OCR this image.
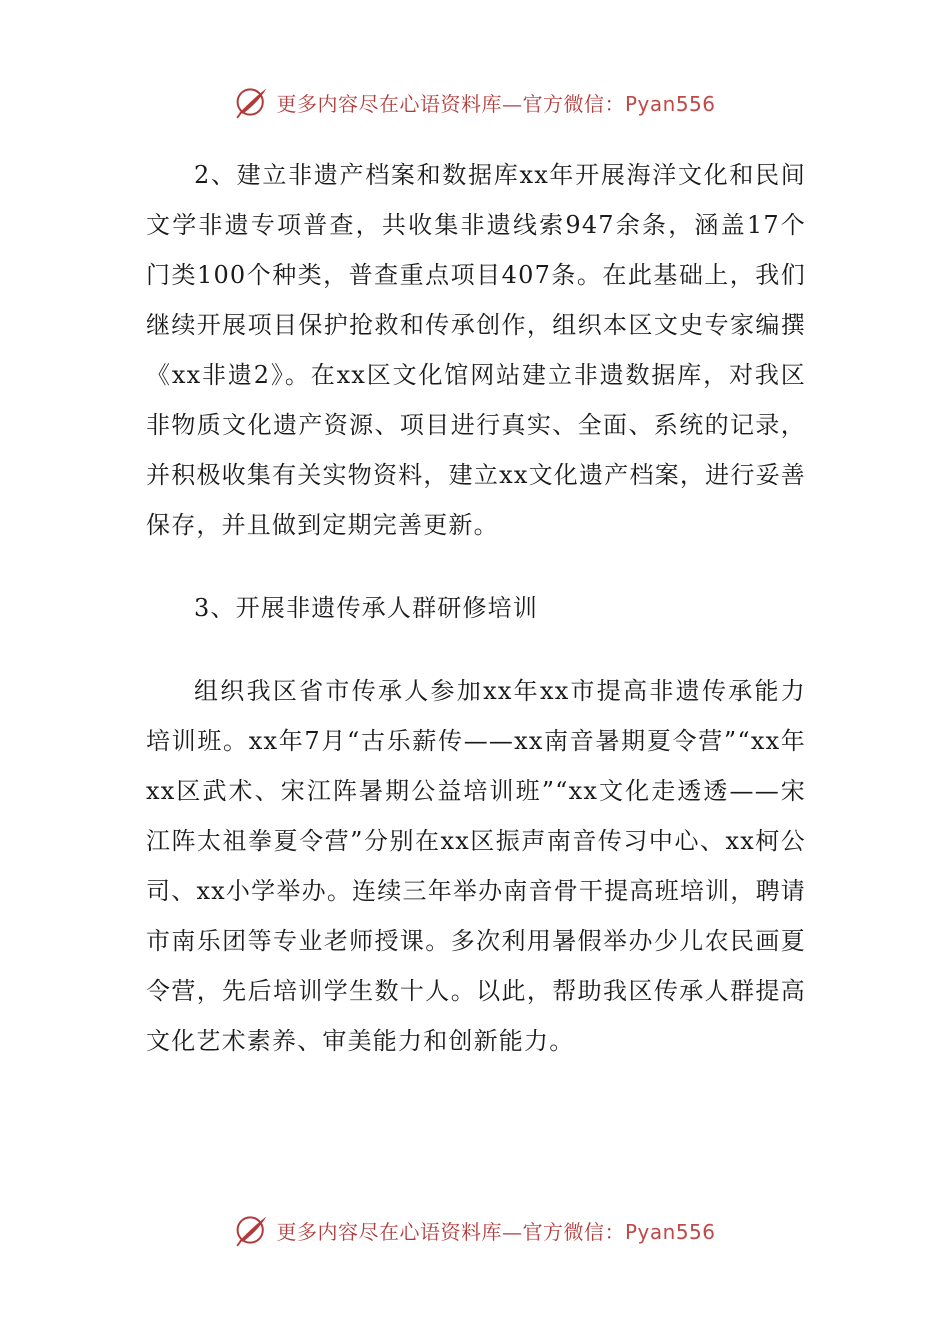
更多内容尽在心语资料库—官方微信：Pyan556

2、建立非遗产档案和数据库xx年开展海洋文化和民间文学非遗专项普查，共收集非遗线索947余条，涵盖17个门类100个种类，普查重点项目407条。在此基础上，我们继续开展项目保护抢救和传承创作，组织本区文史专家编撰《xx非遗2》。在xx区文化馆网站建立非遗数据库，对我区非物质文化遗产资源、项目进行真实、全面、系统的记录，并积极收集有关实物资料，建立xx文化遗产档案，进行妥善保存，并且做到定期完善更新。

3、开展非遗传承人群研修培训

组织我区省市传承人参加xx年xx市提高非遗传承能力培训班。xx年7月“古乐薪传——xx南音暑期夏令营”“xx年xx区武术、宋江阵暑期公益培训班”“xx文化走透透——宋江阵太祖拳夏令营”分别在xx区振声南音传习中心、xx柯公司、xx小学举办。连续三年举办南音骨干提高班培训，聘请市南乐团等专业老师授课。多次利用暑假举办少儿农民画夏令营，先后培训学生数十人。以此，帮助我区传承人群提高文化艺术素养、审美能力和创新能力。

更多内容尽在心语资料库—官方微信：Pyan556
